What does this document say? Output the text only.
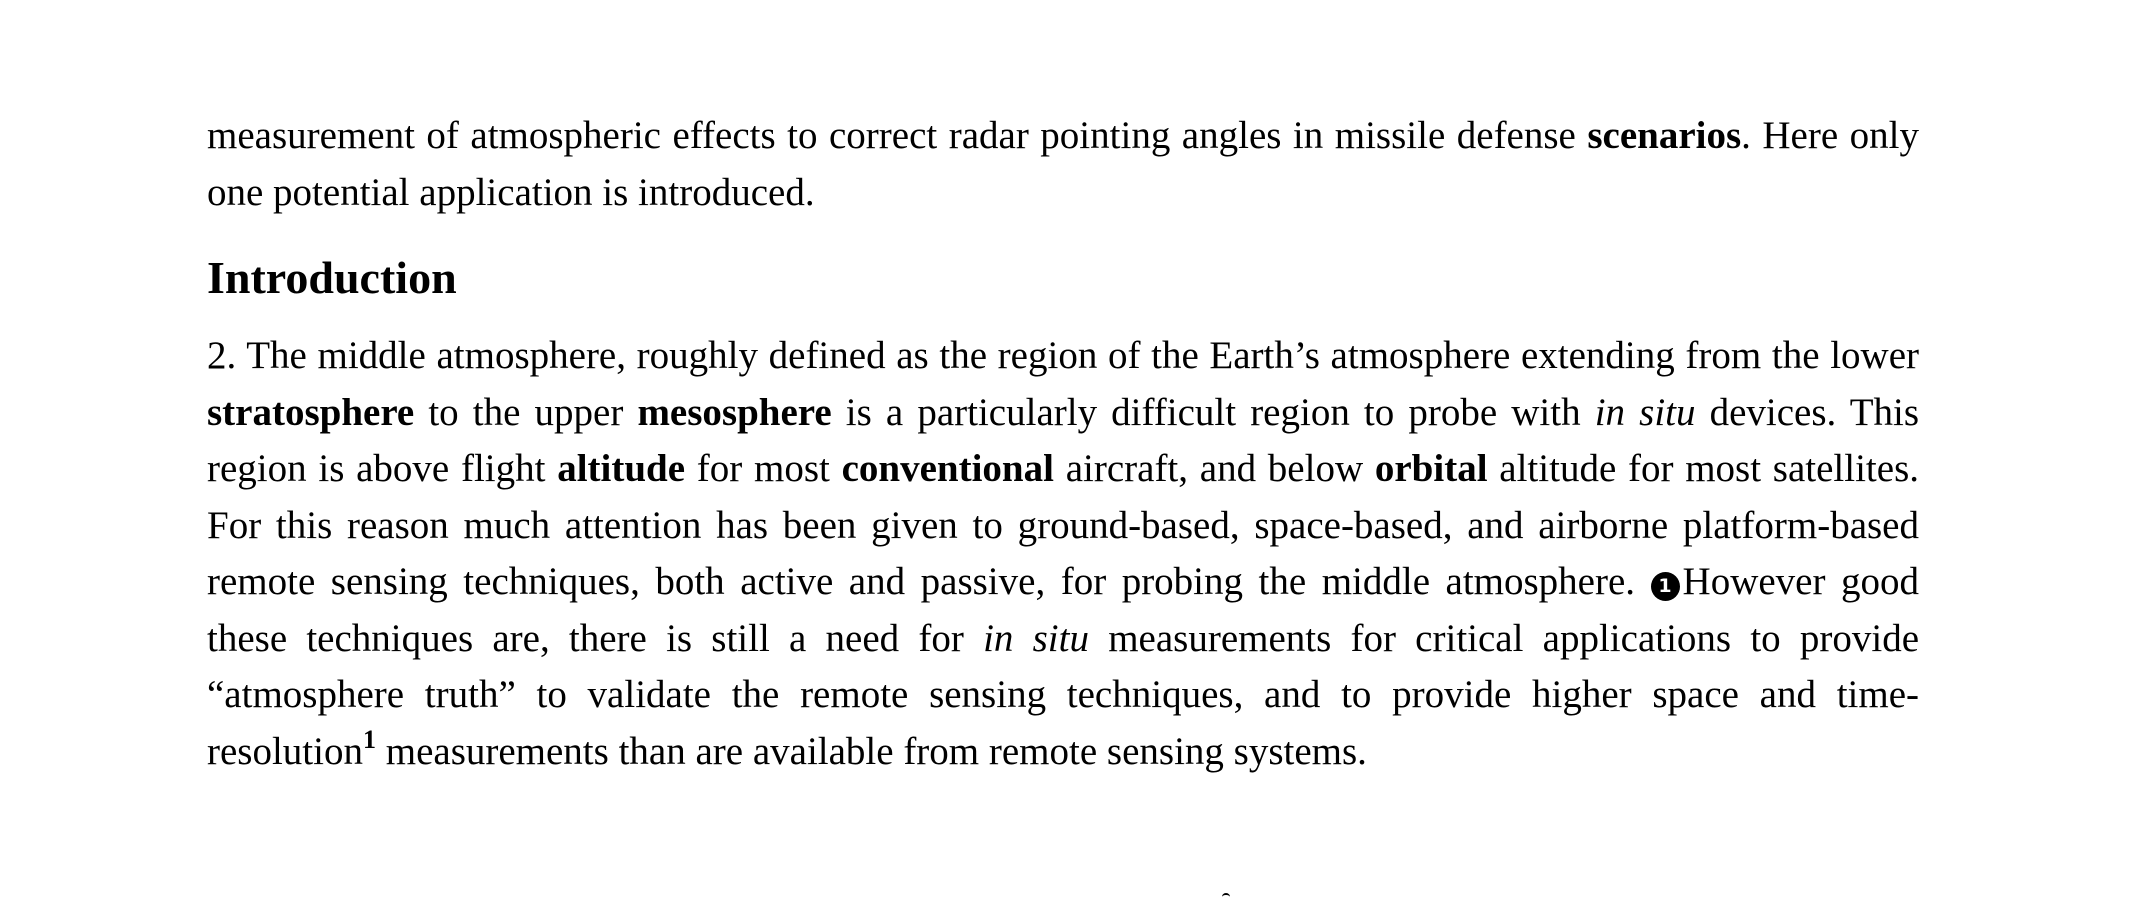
measurement of atmospheric effects to correct radar pointing angles in missile defense scenarios. Here only one potential application is introduced.

Introduction

2. The middle atmosphere, roughly defined as the region of the Earth’s atmosphere extending from the lower stratosphere to the upper mesosphere is a particularly difficult region to probe with in situ devices. This region is above flight altitude for most conventional aircraft, and below orbital altitude for most satellites. For this reason much attention has been given to ground-based, space-based, and airborne platform-based remote sensing techniques, both active and passive, for probing the middle atmosphere. 1 However good these techniques are, there is still a need for in situ measurements for critical applications to provide “atmosphere truth” to validate the remote sensing techniques, and to provide higher space and time-resolution$^1$ measurements than are available from remote sensing systems.
